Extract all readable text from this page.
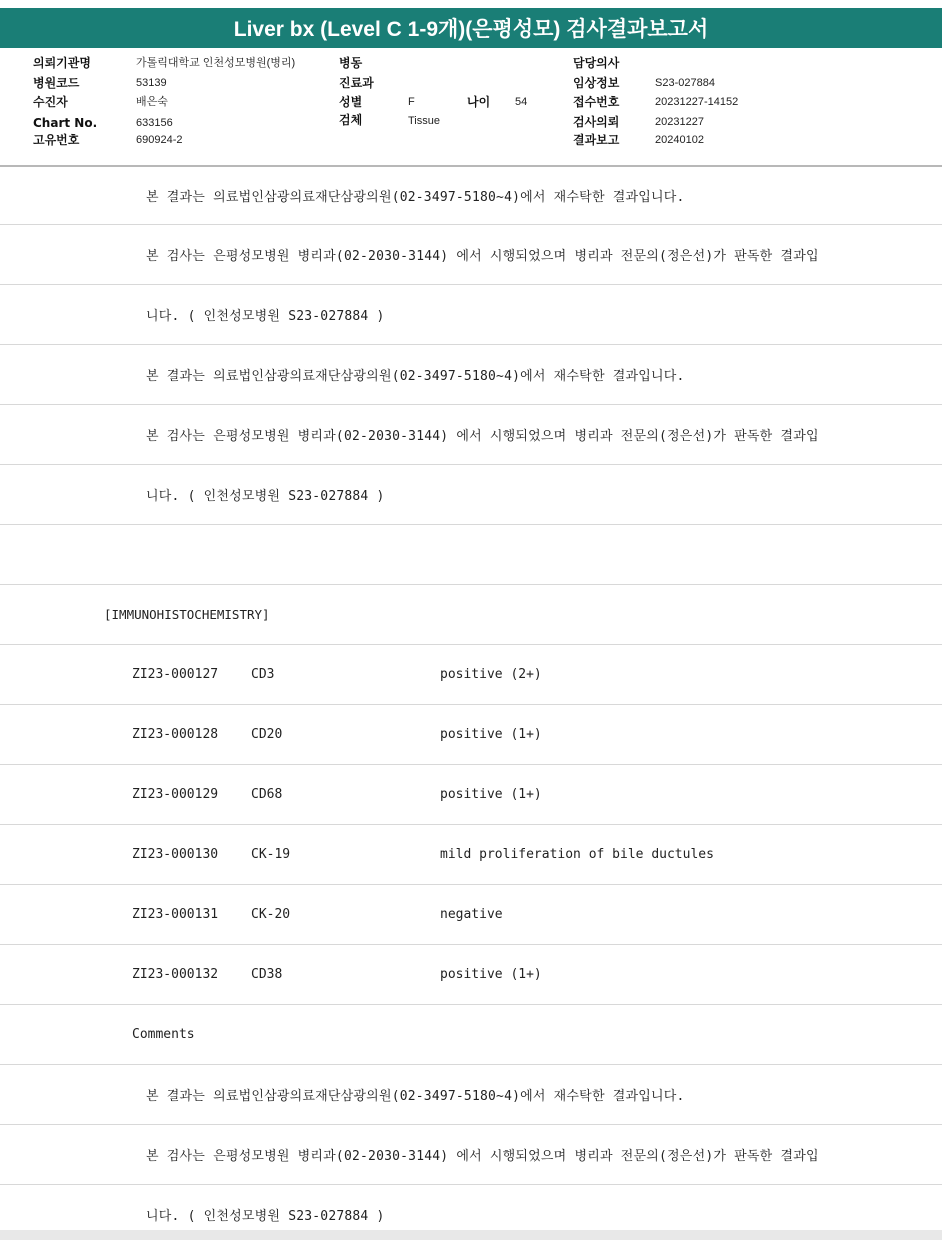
Liver bx (Level C 1-9개)(은평성모) 검사결과보고서
의뢰기관명	가톨릭대학교 인천성모병원(병리)
병원코드	53139
수진자	배은숙
Chart No.	633156
고유번호	690924-2
병동
진료과
성별	F	나이 54
검체	Tissue
담당의사
임상정보	S23-027884
접수번호	20231227-14152
검사의뢰	20231227
결과보고	20240102
본 결과는 의료법인삼광의료재단삼광의원(02-3497-5180~4)에서 재수탁한 결과입니다.
본 검사는 은평성모병원 병리과(02-2030-3144) 에서 시행되었으며 병리과 전문의(정은선)가 판독한 결과입
니다. ( 인천성모병원 S23-027884 )
본 결과는 의료법인삼광의료재단삼광의원(02-3497-5180~4)에서 재수탁한 결과입니다.
본 검사는 은평성모병원 병리과(02-2030-3144) 에서 시행되었으며 병리과 전문의(정은선)가 판독한 결과입
니다. ( 인천성모병원 S23-027884 )
[IMMUNOHISTOCHEMISTRY]
ZI23-000127	CD3	positive (2+)
ZI23-000128	CD20	positive (1+)
ZI23-000129	CD68	positive (1+)
ZI23-000130	CK-19	mild proliferation of bile ductules
ZI23-000131	CK-20	negative
ZI23-000132	CD38	positive (1+)
Comments
본 결과는 의료법인삼광의료재단삼광의원(02-3497-5180~4)에서 재수탁한 결과입니다.
본 검사는 은평성모병원 병리과(02-2030-3144) 에서 시행되었으며 병리과 전문의(정은선)가 판독한 결과입
니다. ( 인천성모병원 S23-027884 )
